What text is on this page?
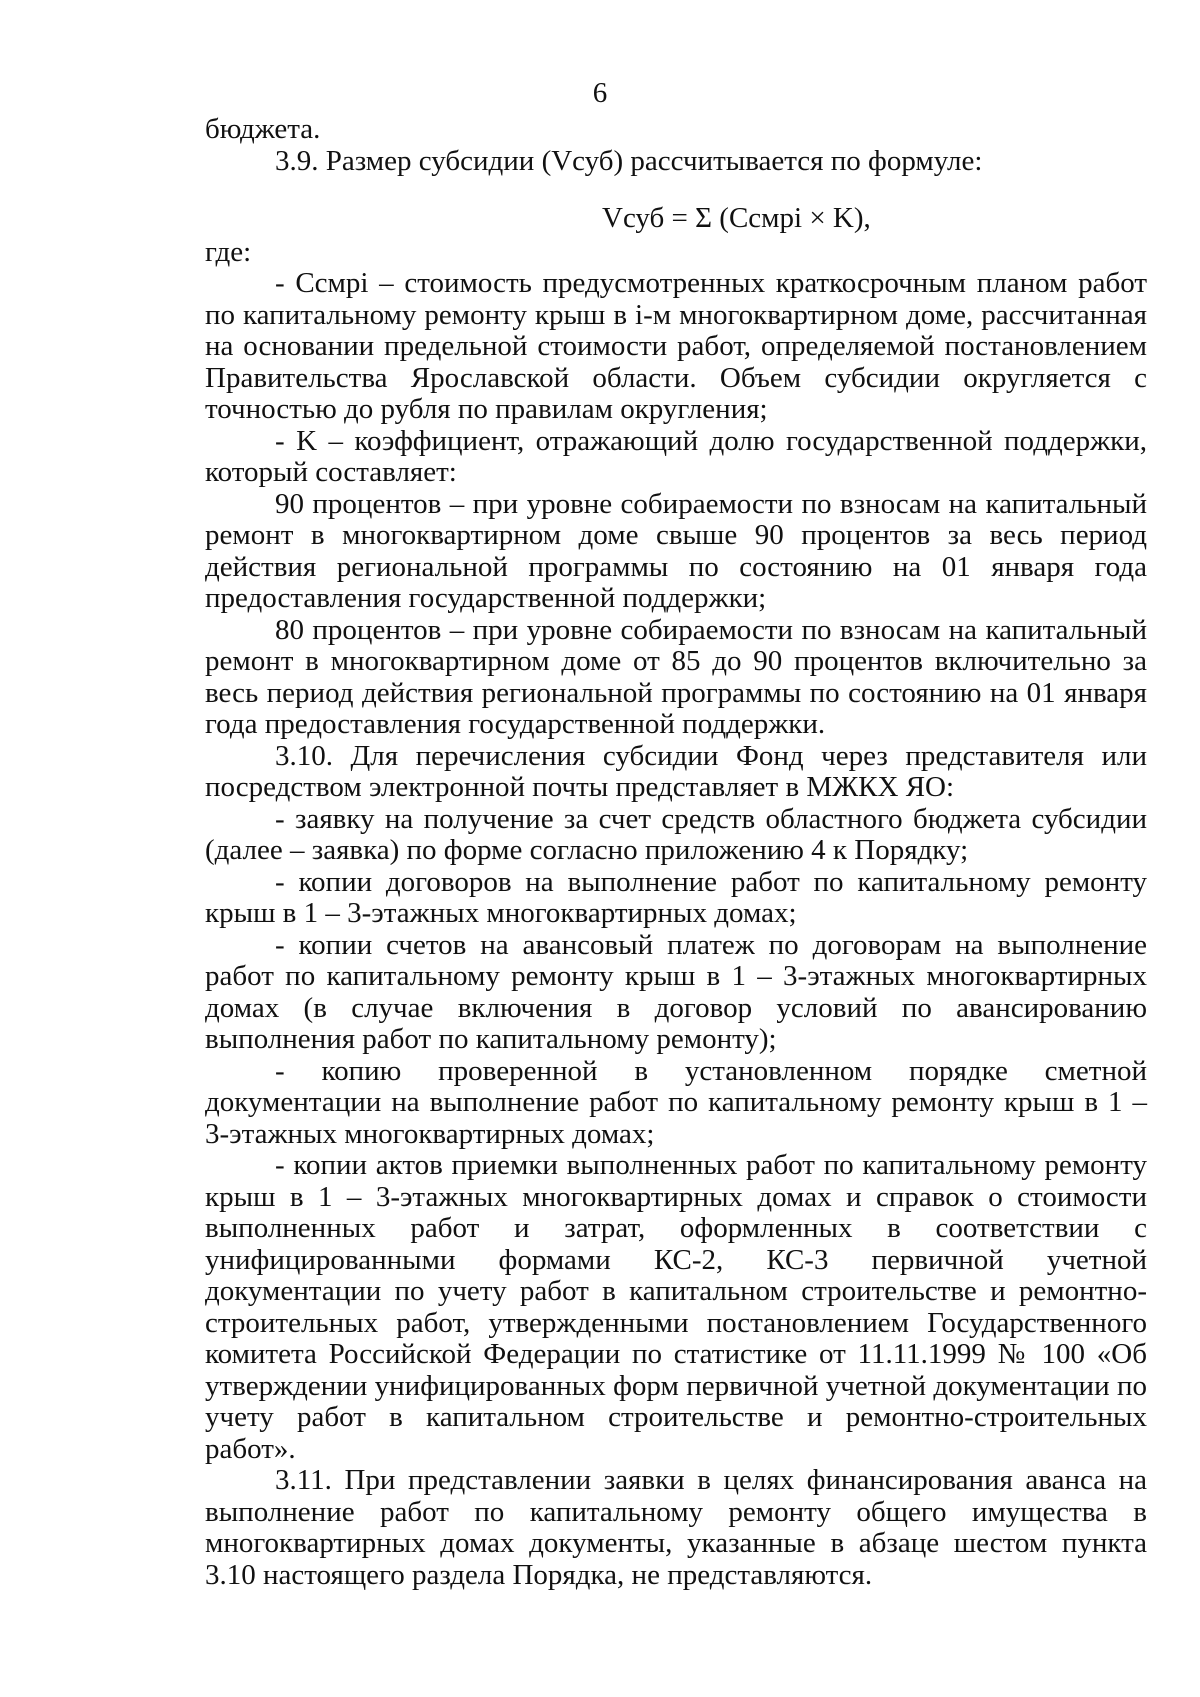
6

бюджета.

3.9. Размер субсидии (Vсуб) рассчитывается по формуле:

Vсуб = Σ (Cсмрi × K),

где:

- Cсмрi – стоимость предусмотренных краткосрочным планом работ по капитальному ремонту крыш в i-м многоквартирном доме, рассчитанная на основании предельной стоимости работ, определяемой постановлением Правительства Ярославской области. Объем субсидии округляется с точностью до рубля по правилам округления;

- K – коэффициент, отражающий долю государственной поддержки, который составляет:

90 процентов – при уровне собираемости по взносам на капитальный ремонт в многоквартирном доме свыше 90 процентов за весь период действия региональной программы по состоянию на 01 января года предоставления государственной поддержки;

80 процентов – при уровне собираемости по взносам на капитальный ремонт в многоквартирном доме от 85 до 90 процентов включительно за весь период действия региональной программы по состоянию на 01 января года предоставления государственной поддержки.

3.10. Для перечисления субсидии Фонд через представителя или посредством электронной почты представляет в МЖКХ ЯО:

- заявку на получение за счет средств областного бюджета субсидии (далее – заявка) по форме согласно приложению 4 к Порядку;

- копии договоров на выполнение работ по капитальному ремонту крыш в 1 – 3-этажных многоквартирных домах;

- копии счетов на авансовый платеж по договорам на выполнение работ по капитальному ремонту крыш в 1 – 3-этажных многоквартирных домах (в случае включения в договор условий по авансированию выполнения работ по капитальному ремонту);

- копию проверенной в установленном порядке сметной документации на выполнение работ по капитальному ремонту крыш в 1 – 3-этажных многоквартирных домах;

- копии актов приемки выполненных работ по капитальному ремонту крыш в 1 – 3-этажных многоквартирных домах и справок о стоимости выполненных работ и затрат, оформленных в соответствии с унифицированными формами КС-2, КС-3 первичной учетной документации по учету работ в капитальном строительстве и ремонтно-строительных работ, утвержденными постановлением Государственного комитета Российской Федерации по статистике от 11.11.1999 № 100 «Об утверждении унифицированных форм первичной учетной документации по учету работ в капитальном строительстве и ремонтно-строительных работ».

3.11. При представлении заявки в целях финансирования аванса на выполнение работ по капитальному ремонту общего имущества в многоквартирных домах документы, указанные в абзаце шестом пункта 3.10 настоящего раздела Порядка, не представляются.
